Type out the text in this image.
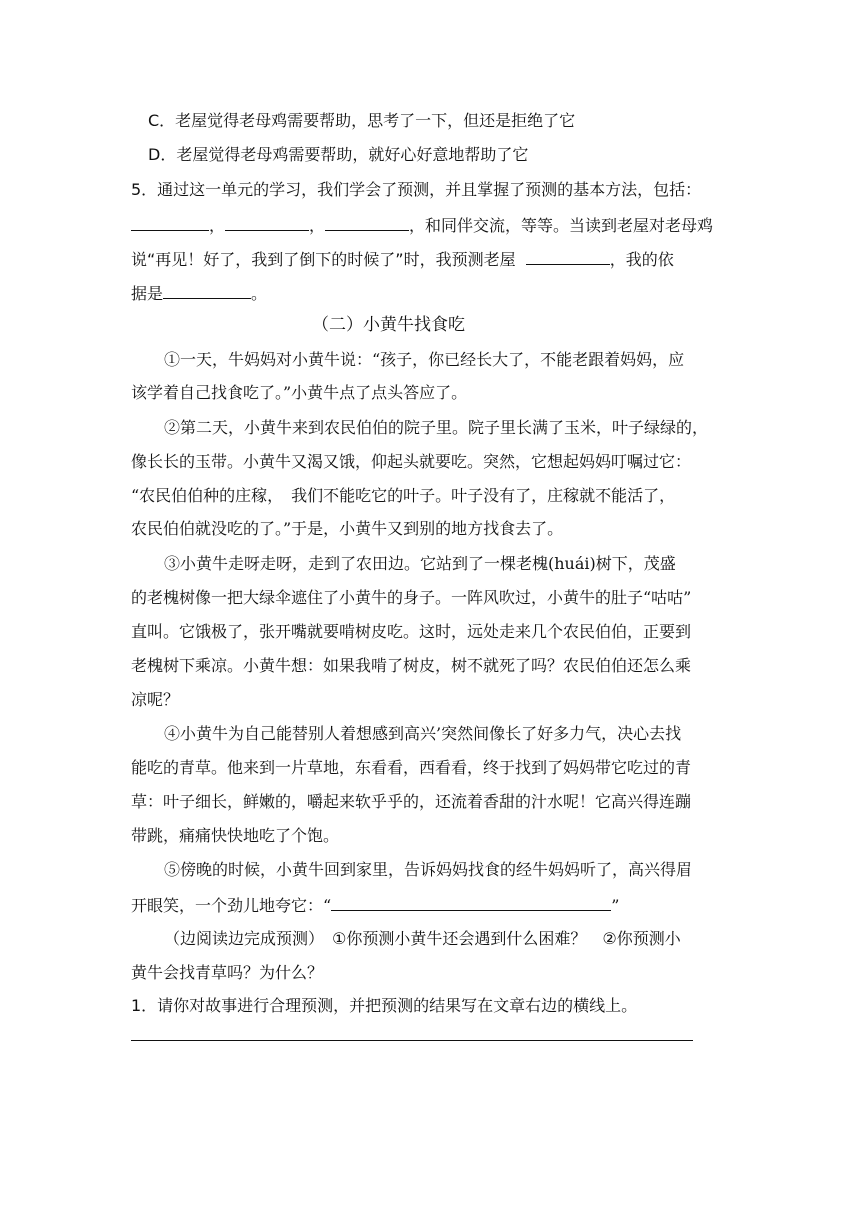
C．老屋觉得老母鸡需要帮助，思考了一下，但还是拒绝了它
D．老屋觉得老母鸡需要帮助，就好心好意地帮助了它
5．通过这一单元的学习，我们学会了预测，并且掌握了预测的基本方法，包括：
，	，	，和同伴交流，等等。当读到老屋对老母鸡
说“再见！好了，我到了倒下的时候了”时，我预测老屋	，我的依
据是	。
（二）小黄牛找食吃
①一天，牛妈妈对小黄牛说：“孩子，你已经长大了，不能老跟着妈妈，应
该学着自己找食吃了。”小黄牛点了点头答应了。
②第二天，小黄牛来到农民伯伯的院子里。院子里长满了玉米，叶子绿绿的，
像长长的玉带。小黄牛又渴又饿，仰起头就要吃。突然，它想起妈妈叮嘱过它：
“农民伯伯种的庄稼，　我们不能吃它的叶子。叶子没有了，庄稼就不能活了，
农民伯伯就没吃的了。”于是，小黄牛又到别的地方找食去了。
③小黄牛走呀走呀，走到了农田边。它站到了一棵老槐(huái)树下，茂盛
的老槐树像一把大绿伞遮住了小黄牛的身子。一阵风吹过，小黄牛的肚子“咕咕”
直叫。它饿极了，张开嘴就要啃树皮吃。这时，远处走来几个农民伯伯，正要到
老槐树下乘凉。小黄牛想：如果我啃了树皮，树不就死了吗？农民伯伯还怎么乘
凉呢？
④小黄牛为自己能替别人着想感到高兴’突然间像长了好多力气，决心去找
能吃的青草。他来到一片草地，东看看，西看看，终于找到了妈妈带它吃过的青
草：叶子细长，鲜嫩的，嚼起来软乎乎的，还流着香甜的汁水呢！它高兴得连蹦
带跳，痛痛快快地吃了个饱。
⑤傍晚的时候，小黄牛回到家里，告诉妈妈找食的经牛妈妈听了，高兴得眉
开眼笑，一个劲儿地夸它：“	”
（边阅读边完成预测）　①你预测小黄牛还会遇到什么困难？　②你预测小
黄牛会找青草吗？为什么？
1．请你对故事进行合理预测，并把预测的结果写在文章右边的横线上。
